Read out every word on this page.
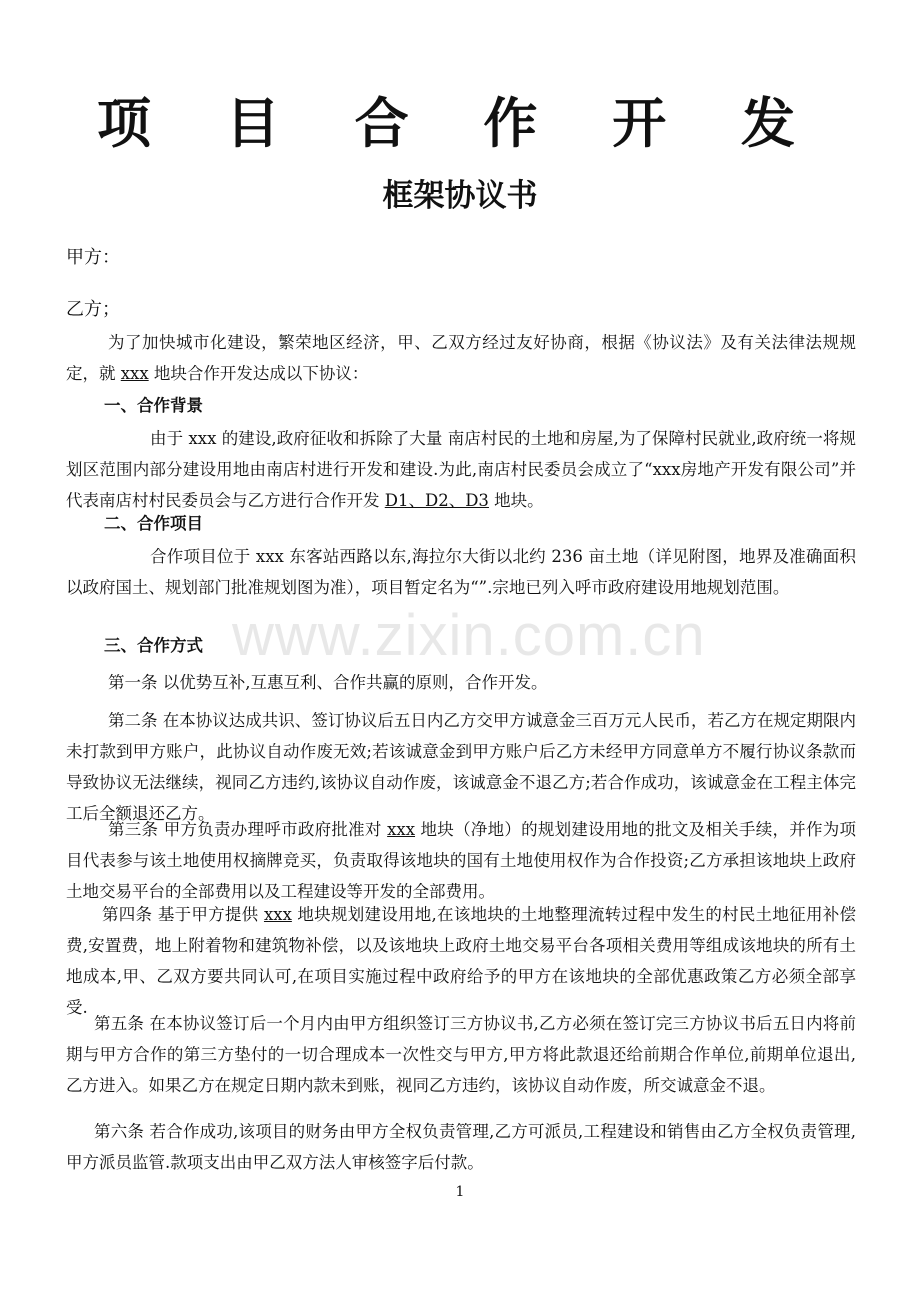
项 目 合 作 开 发
框架协议书
甲方：
乙方；
为了加快城市化建设，繁荣地区经济，甲、乙双方经过友好协商，根据《协议法》及有关法律法规规定，就 xxx 地块合作开发达成以下协议：
一、合作背景
由于 xxx 的建设,政府征收和拆除了大量 南店村民的土地和房屋,为了保障村民就业,政府统一将规划区范围内部分建设用地由南店村进行开发和建设.为此,南店村民委员会成立了“xxx房地产开发有限公司”并代表南店村村民委员会与乙方进行合作开发 D1、D2、D3 地块。
二、合作项目
合作项目位于 xxx 东客站西路以东,海拉尔大街以北约 236 亩土地（详见附图，地界及准确面积以政府国土、规划部门批准规划图为准），项目暂定名为“”.宗地已列入呼市政府建设用地规划范围。
三、合作方式
第一条 以优势互补,互惠互利、合作共赢的原则，合作开发。
第二条 在本协议达成共识、签订协议后五日内乙方交甲方诚意金三百万元人民币，若乙方在规定期限内未打款到甲方账户，此协议自动作废无效;若该诚意金到甲方账户后乙方未经甲方同意单方不履行协议条款而导致协议无法继续，视同乙方违约,该协议自动作废，该诚意金不退乙方;若合作成功，该诚意金在工程主体完工后全额退还乙方。
第三条 甲方负责办理呼市政府批准对 xxx 地块（净地）的规划建设用地的批文及相关手续，并作为项目代表参与该土地使用权摘牌竞买，负责取得该地块的国有土地使用权作为合作投资;乙方承担该地块上政府土地交易平台的全部费用以及工程建设等开发的全部费用。
第四条 基于甲方提供 xxx 地块规划建设用地,在该地块的土地整理流转过程中发生的村民土地征用补偿费,安置费，地上附着物和建筑物补偿，以及该地块上政府土地交易平台各项相关费用等组成该地块的所有土地成本,甲、乙双方要共同认可,在项目实施过程中政府给予的甲方在该地块的全部优惠政策乙方必须全部享受.
第五条 在本协议签订后一个月内由甲方组织签订三方协议书,乙方必须在签订完三方协议书后五日内将前期与甲方合作的第三方垫付的一切合理成本一次性交与甲方,甲方将此款退还给前期合作单位,前期单位退出,乙方进入。如果乙方在规定日期内款未到账，视同乙方违约，该协议自动作废，所交诚意金不退。
第六条 若合作成功,该项目的财务由甲方全权负责管理,乙方可派员,工程建设和销售由乙方全权负责管理,甲方派员监管.款项支出由甲乙双方法人审核签字后付款。
www.zixin.com.cn
1
